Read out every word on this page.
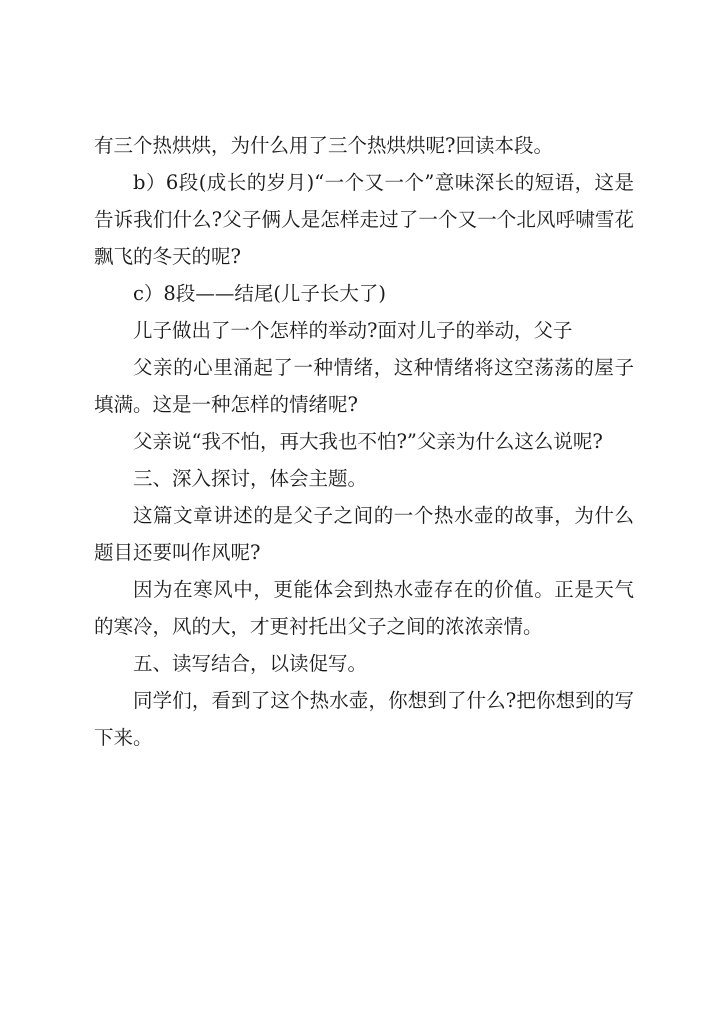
有三个热烘烘，为什么用了三个热烘烘呢?回读本段。

b）6段(成长的岁月)“一个又一个”意味深长的短语，这是告诉我们什么?父子俩人是怎样走过了一个又一个北风呼啸雪花飘飞的冬天的呢?

c）8段——结尾(儿子长大了)

儿子做出了一个怎样的举动?面对儿子的举动，父子

父亲的心里涌起了一种情绪，这种情绪将这空荡荡的屋子填满。这是一种怎样的情绪呢?

父亲说“我不怕，再大我也不怕?”父亲为什么这么说呢?

三、深入探讨，体会主题。

这篇文章讲述的是父子之间的一个热水壶的故事，为什么题目还要叫作风呢?

因为在寒风中，更能体会到热水壶存在的价值。正是天气的寒冷，风的大，才更衬托出父子之间的浓浓亲情。

五、读写结合，以读促写。

同学们，看到了这个热水壶，你想到了什么?把你想到的写下来。
